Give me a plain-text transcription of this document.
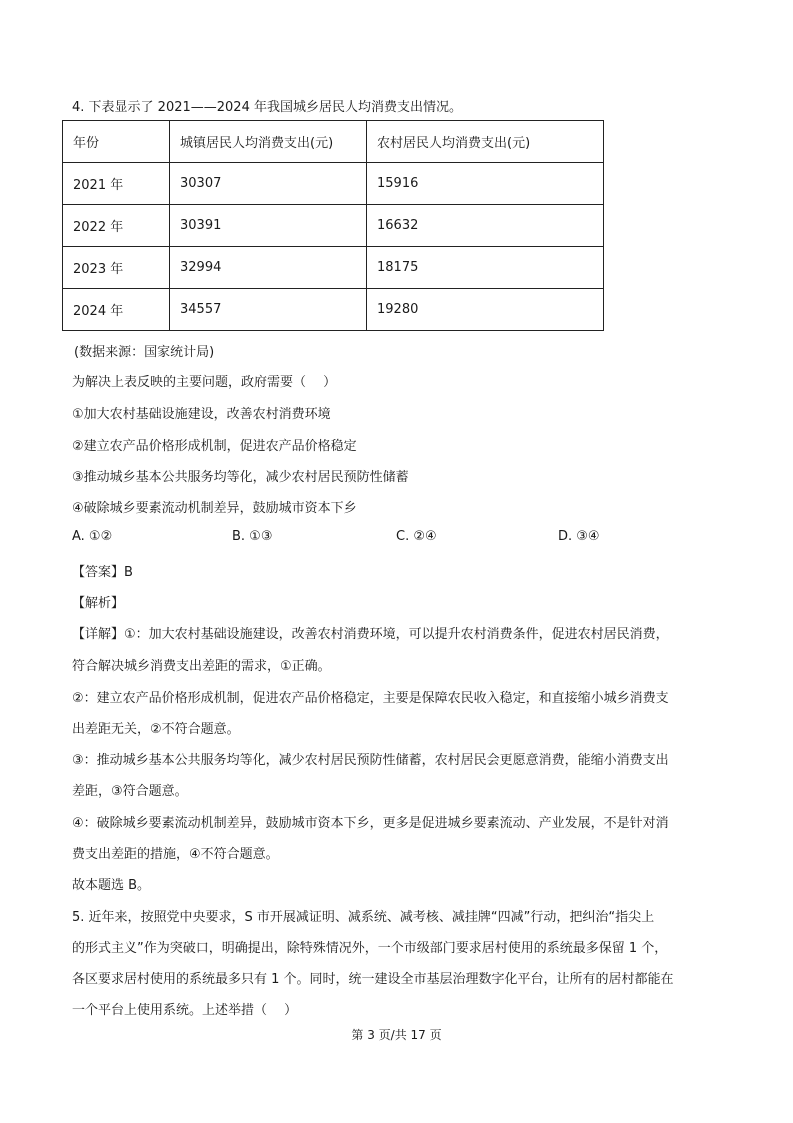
4. 下表显示了 2021——2024 年我国城乡居民人均消费支出情况。
年份	城镇居民人均消费支出(元)	农村居民人均消费支出(元)
2021 年	30307	15916
2022 年	30391	16632
2023 年	32994	18175
2024 年	34557	19280
(数据来源：国家统计局)
为解决上表反映的主要问题，政府需要（　 ）
①加大农村基础设施建设，改善农村消费环境
②建立农产品价格形成机制，促进农产品价格稳定
③推动城乡基本公共服务均等化，减少农村居民预防性储蓄
④破除城乡要素流动机制差异，鼓励城市资本下乡
A. ①②	B. ①③	C. ②④	D. ③④
【答案】B
【解析】
【详解】①：加大农村基础设施建设，改善农村消费环境，可以提升农村消费条件，促进农村居民消费，
符合解决城乡消费支出差距的需求，①正确。
②：建立农产品价格形成机制，促进农产品价格稳定，主要是保障农民收入稳定，和直接缩小城乡消费支
出差距无关，②不符合题意。
③：推动城乡基本公共服务均等化，减少农村居民预防性储蓄，农村居民会更愿意消费，能缩小消费支出
差距，③符合题意。
④：破除城乡要素流动机制差异，鼓励城市资本下乡，更多是促进城乡要素流动、产业发展，不是针对消
费支出差距的措施，④不符合题意。
故本题选 B。
5. 近年来，按照党中央要求，S 市开展减证明、减系统、减考核、减挂牌“四减”行动，把纠治“指尖上
的形式主义”作为突破口，明确提出，除特殊情况外，一个市级部门要求居村使用的系统最多保留 1 个，
各区要求居村使用的系统最多只有 1 个。同时，统一建设全市基层治理数字化平台，让所有的居村都能在
一个平台上使用系统。上述举措（　 ）
第 3 页/共 17 页
